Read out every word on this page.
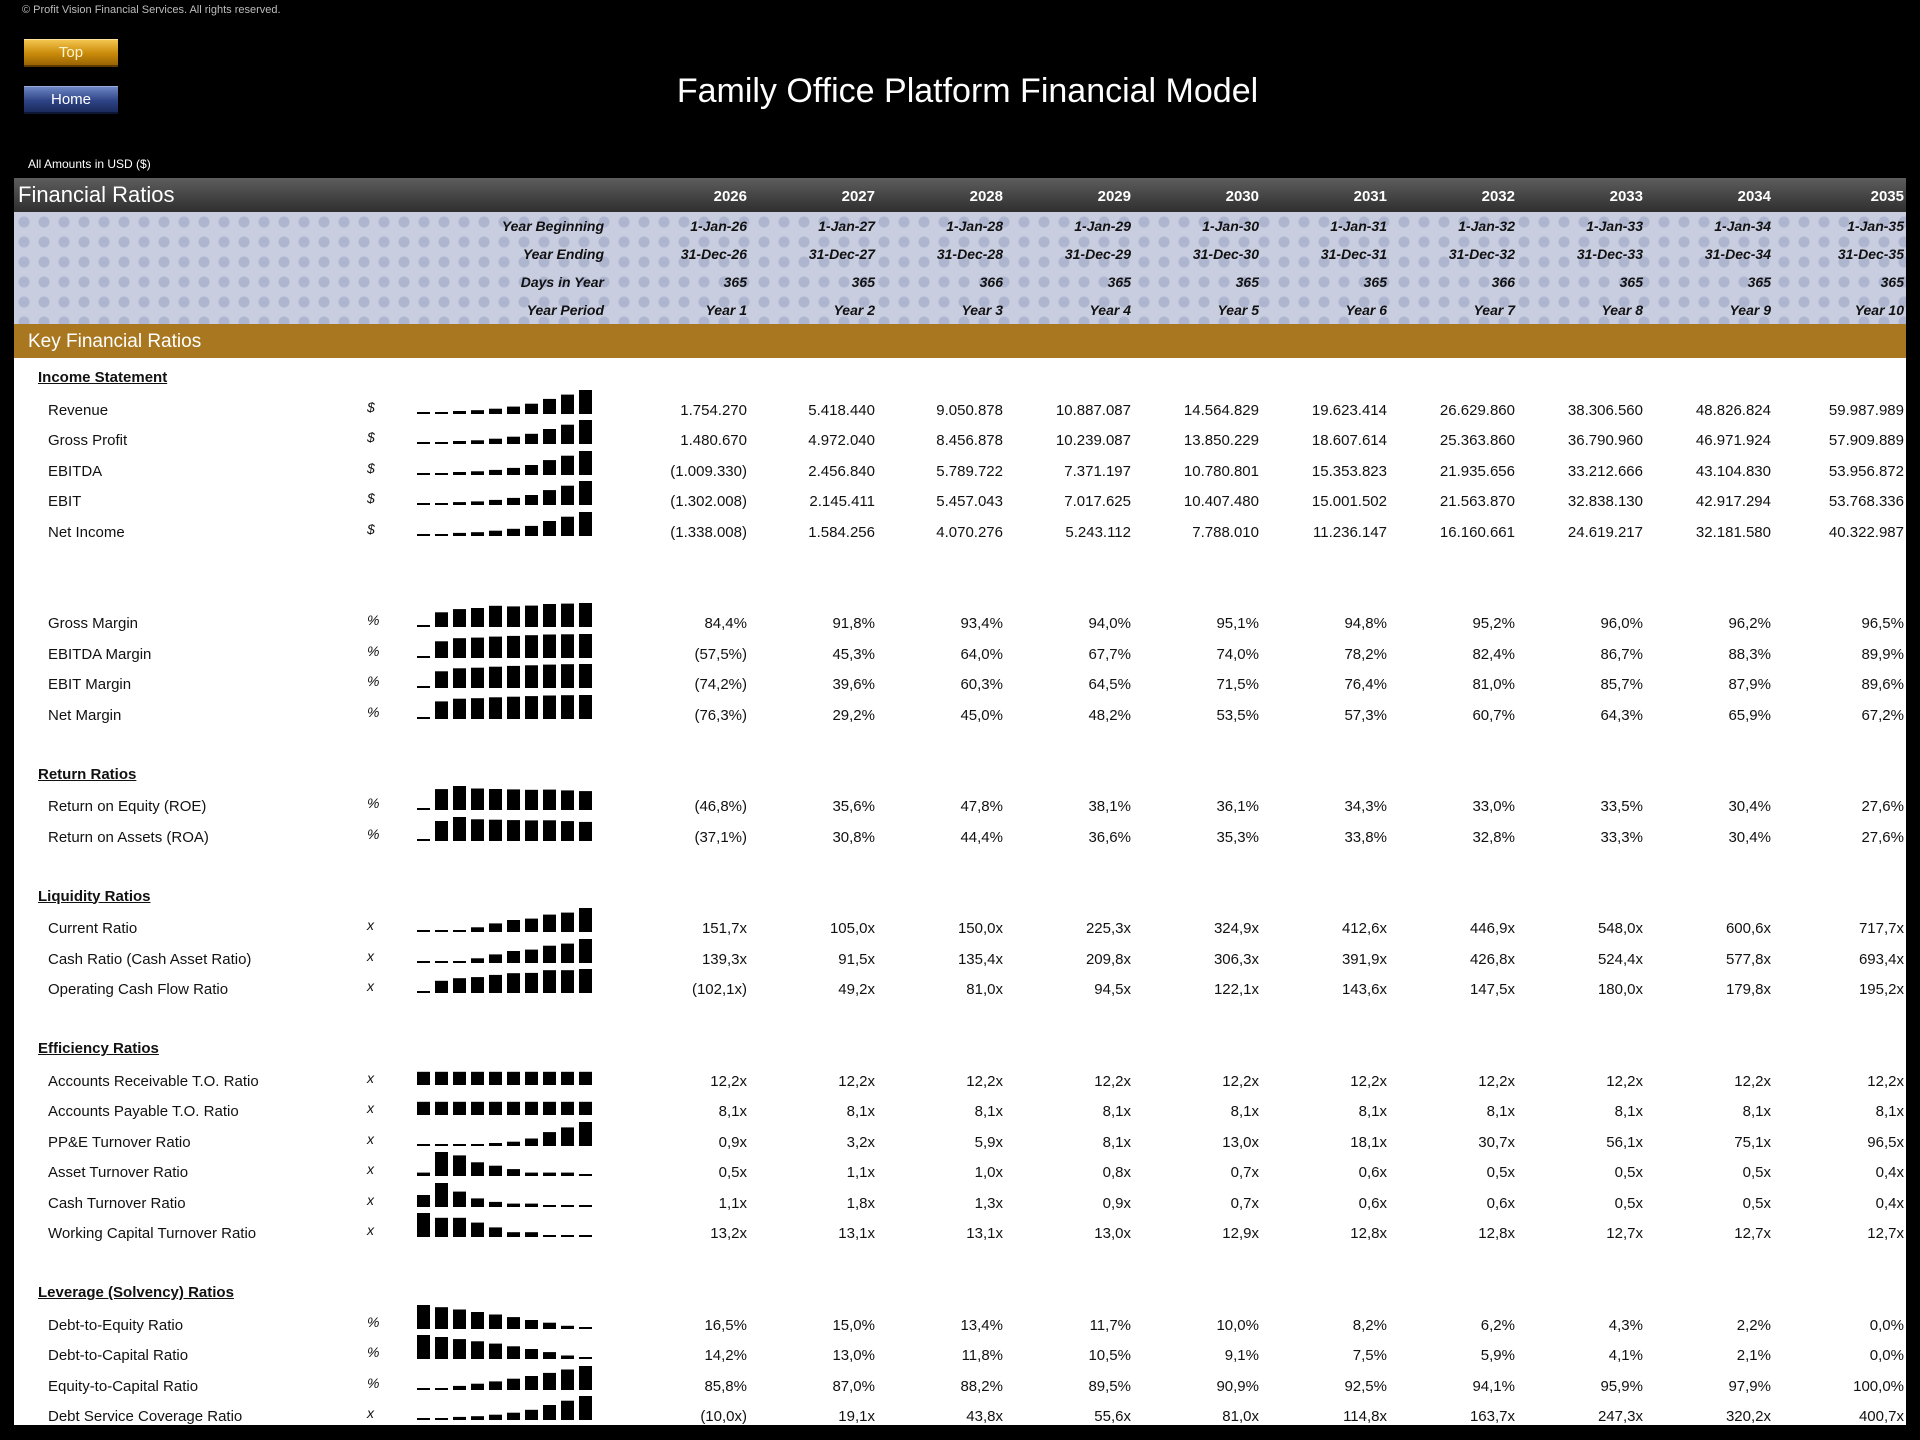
© Profit Vision Financial Services. All rights reserved.
Top
Home	Family Office Platform Financial Model
All Amounts in USD ($)
Financial Ratios	2026	2027	2028	2029	2030	2031	2032	2033	2034	2035
Year Beginning	1-Jan-26	1-Jan-27	1-Jan-28	1-Jan-29	1-Jan-30	1-Jan-31	1-Jan-32	1-Jan-33	1-Jan-34	1-Jan-35
Year Ending	31-Dec-26	31-Dec-27	31-Dec-28	31-Dec-29	31-Dec-30	31-Dec-31	31-Dec-32	31-Dec-33	31-Dec-34	31-Dec-35
Days in Year	365	365	366	365	365	365	366	365	365	365
Year Period	Year 1	Year 2	Year 3	Year 4	Year 5	Year 6	Year 7	Year 8	Year 9	Year 10
Key Financial Ratios
Income Statement
Revenue	$	1.754.270	5.418.440	9.050.878	10.887.087	14.564.829	19.623.414	26.629.860	38.306.560	48.826.824	59.987.989
Gross Profit	$	1.480.670	4.972.040	8.456.878	10.239.087	13.850.229	18.607.614	25.363.860	36.790.960	46.971.924	57.909.889
EBITDA	$	(1.009.330)	2.456.840	5.789.722	7.371.197	10.780.801	15.353.823	21.935.656	33.212.666	43.104.830	53.956.872
EBIT	$	(1.302.008)	2.145.411	5.457.043	7.017.625	10.407.480	15.001.502	21.563.870	32.838.130	42.917.294	53.768.336
Net Income	$	(1.338.008)	1.584.256	4.070.276	5.243.112	7.788.010	11.236.147	16.160.661	24.619.217	32.181.580	40.322.987
Gross Margin	%	84,4%	91,8%	93,4%	94,0%	95,1%	94,8%	95,2%	96,0%	96,2%	96,5%
EBITDA Margin	%	(57,5%)	45,3%	64,0%	67,7%	74,0%	78,2%	82,4%	86,7%	88,3%	89,9%
EBIT Margin	%	(74,2%)	39,6%	60,3%	64,5%	71,5%	76,4%	81,0%	85,7%	87,9%	89,6%
Net Margin	%	(76,3%)	29,2%	45,0%	48,2%	53,5%	57,3%	60,7%	64,3%	65,9%	67,2%
Return Ratios
Return on Equity (ROE)	%	(46,8%)	35,6%	47,8%	38,1%	36,1%	34,3%	33,0%	33,5%	30,4%	27,6%
Return on Assets (ROA)	%	(37,1%)	30,8%	44,4%	36,6%	35,3%	33,8%	32,8%	33,3%	30,4%	27,6%
Liquidity Ratios
Current Ratio	x	151,7x	105,0x	150,0x	225,3x	324,9x	412,6x	446,9x	548,0x	600,6x	717,7x
Cash Ratio (Cash Asset Ratio)	x	139,3x	91,5x	135,4x	209,8x	306,3x	391,9x	426,8x	524,4x	577,8x	693,4x
Operating Cash Flow Ratio	x	(102,1x)	49,2x	81,0x	94,5x	122,1x	143,6x	147,5x	180,0x	179,8x	195,2x
Efficiency Ratios
Accounts Receivable T.O. Ratio	x	12,2x	12,2x	12,2x	12,2x	12,2x	12,2x	12,2x	12,2x	12,2x	12,2x
Accounts Payable T.O. Ratio	x	8,1x	8,1x	8,1x	8,1x	8,1x	8,1x	8,1x	8,1x	8,1x	8,1x
PP&E Turnover Ratio	x	0,9x	3,2x	5,9x	8,1x	13,0x	18,1x	30,7x	56,1x	75,1x	96,5x
Asset Turnover Ratio	x	0,5x	1,1x	1,0x	0,8x	0,7x	0,6x	0,5x	0,5x	0,5x	0,4x
Cash Turnover Ratio	x	1,1x	1,8x	1,3x	0,9x	0,7x	0,6x	0,6x	0,5x	0,5x	0,4x
Working Capital Turnover Ratio	x	13,2x	13,1x	13,1x	13,0x	12,9x	12,8x	12,8x	12,7x	12,7x	12,7x
Leverage (Solvency) Ratios
Debt-to-Equity Ratio	%	16,5%	15,0%	13,4%	11,7%	10,0%	8,2%	6,2%	4,3%	2,2%	0,0%
Debt-to-Capital Ratio	%	14,2%	13,0%	11,8%	10,5%	9,1%	7,5%	5,9%	4,1%	2,1%	0,0%
Equity-to-Capital Ratio	%	85,8%	87,0%	88,2%	89,5%	90,9%	92,5%	94,1%	95,9%	97,9%	100,0%
Debt Service Coverage Ratio	x	(10,0x)	19,1x	43,8x	55,6x	81,0x	114,8x	163,7x	247,3x	320,2x	400,7x
